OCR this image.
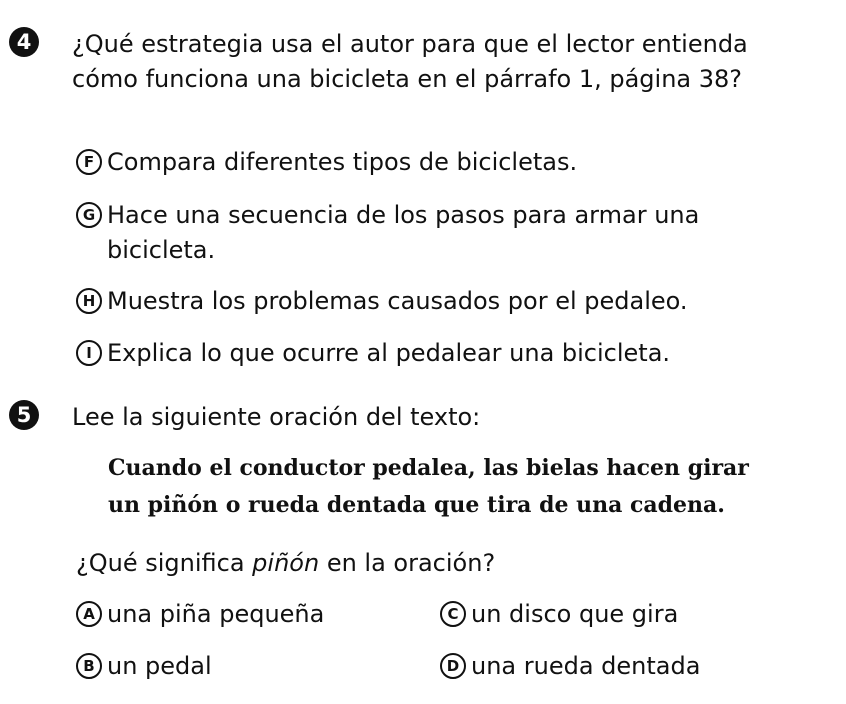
4	¿Qué estrategia usa el autor para que el lector entienda cómo funciona una bicicleta en el párrafo 1, página 38?
F Compara diferentes tipos de bicicletas.
G Hace una secuencia de los pasos para armar una bicicleta.
H Muestra los problemas causados por el pedaleo.
I Explica lo que ocurre al pedalear una bicicleta.
5	Lee la siguiente oración del texto:
Cuando el conductor pedalea, las bielas hacen girar un piñón o rueda dentada que tira de una cadena.
¿Qué significa piñón en la oración?
A una piña pequeña
B un pedal
C un disco que gira
D una rueda dentada
